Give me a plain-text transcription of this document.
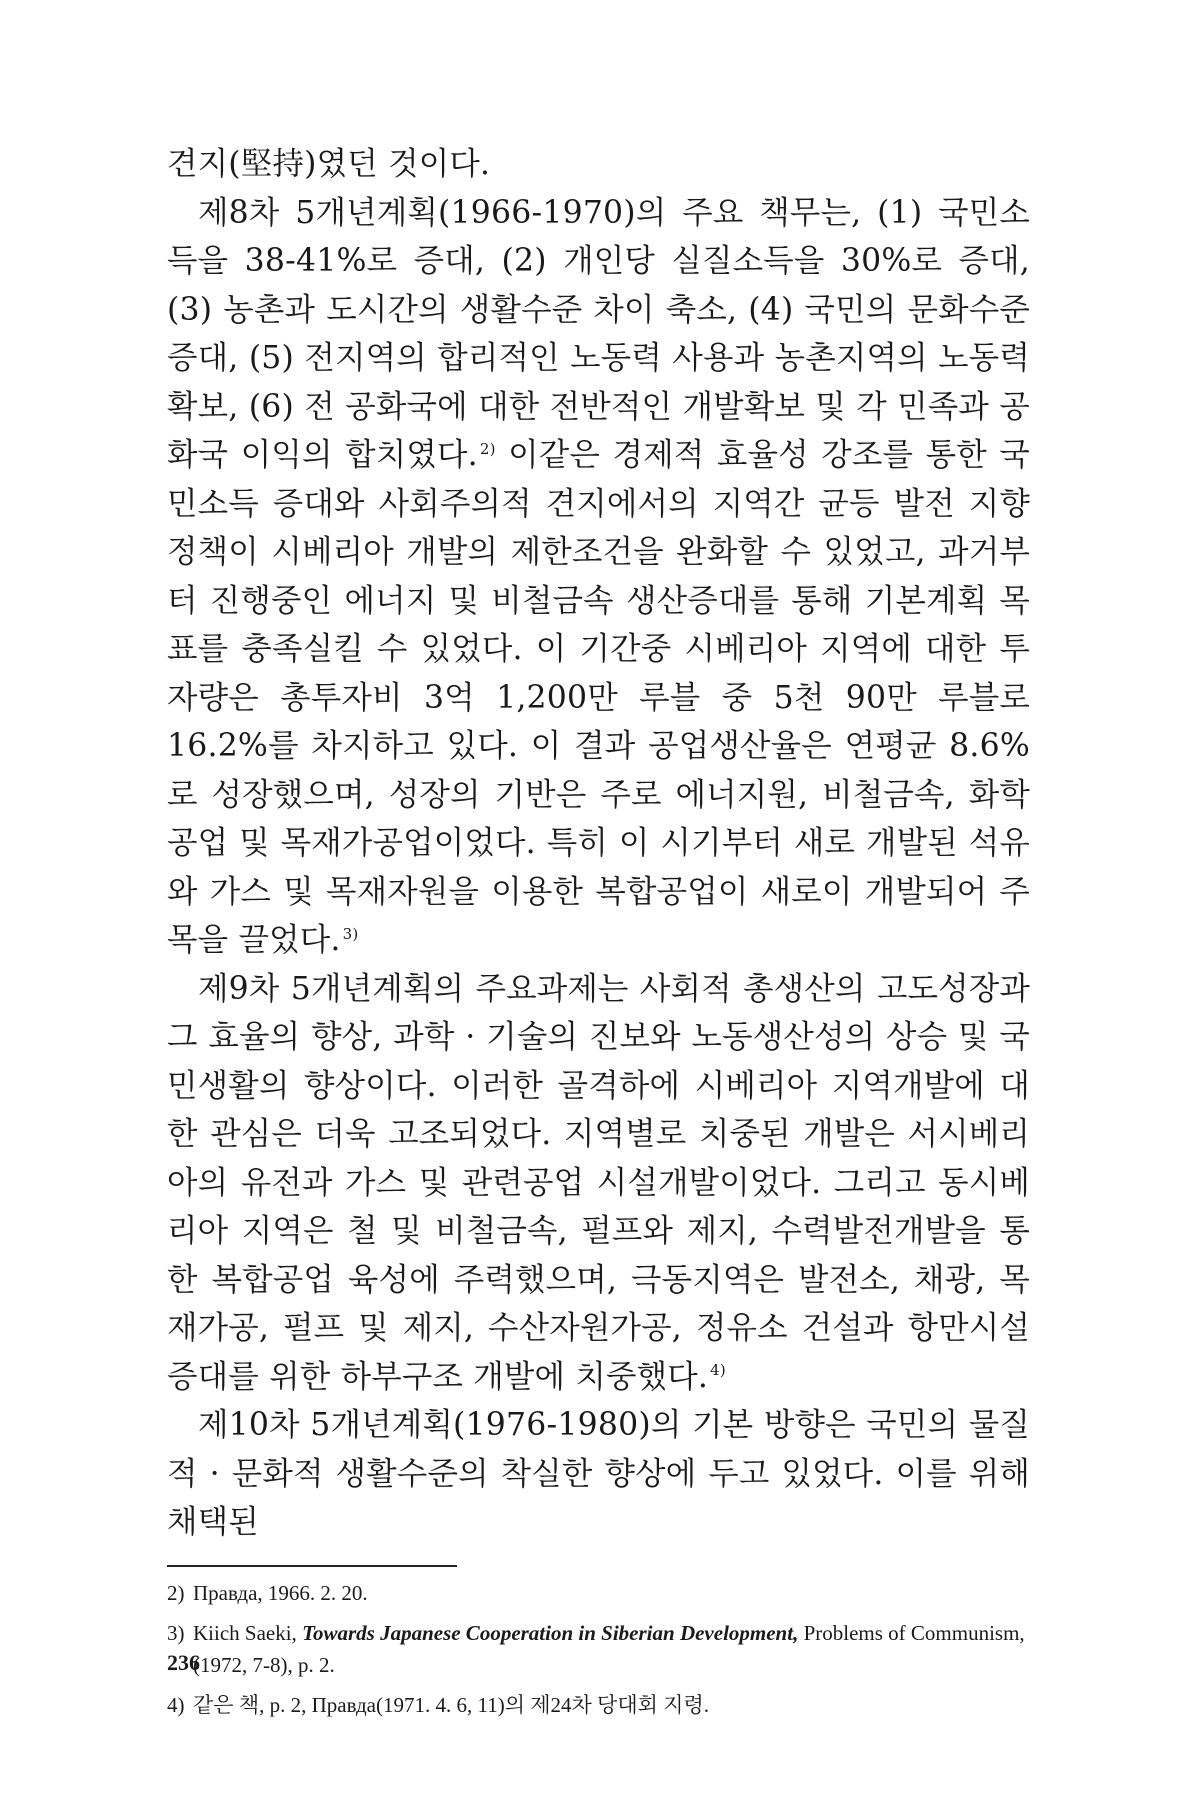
견지(堅持)였던 것이다.

제8차 5개년계획(1966-1970)의 주요 책무는, (1) 국민소득을 38-41%로 증대, (2) 개인당 실질소득을 30%로 증대, (3) 농촌과 도시간의 생활수준 차이 축소, (4) 국민의 문화수준 증대, (5) 전지역의 합리적인 노동력 사용과 농촌지역의 노동력 확보, (6) 전 공화국에 대한 전반적인 개발확보 및 각 민족과 공화국 이익의 합치였다. $^{2)}$ 이같은 경제적 효율성 강조를 통한 국민소득 증대와 사회주의적 견지에서의 지역간 균등 발전 지향정책이 시베리아 개발의 제한조건을 완화할 수 있었고, 과거부터 진행중인 에너지 및 비철금속 생산증대를 통해 기본계획 목표를 충족실킬 수 있었다. 이 기간중 시베리아 지역에 대한 투자량은 총투자비 3억 1,200만 루블 중 5천 90만 루블로 16.2%를 차지하고 있다. 이 결과 공업생산율은 연평균 8.6%로 성장했으며, 성장의 기반은 주로 에너지원, 비철금속, 화학공업 및 목재가공업이었다. 특히 이 시기부터 새로 개발된 석유와 가스 및 목재자원을 이용한 복합공업이 새로이 개발되어 주목을 끌었다. $^{3)}$

제9차 5개년계획의 주요과제는 사회적 총생산의 고도성장과 그 효율의 향상, 과학 · 기술의 진보와 노동생산성의 상승 및 국민생활의 향상이다. 이러한 골격하에 시베리아 지역개발에 대한 관심은 더욱 고조되었다. 지역별로 치중된 개발은 서시베리아의 유전과 가스 및 관련공업 시설개발이었다. 그리고 동시베리아 지역은 철 및 비철금속, 펄프와 제지, 수력발전개발을 통한 복합공업 육성에 주력했으며, 극동지역은 발전소, 채광, 목재가공, 펄프 및 제지, 수산자원가공, 정유소 건설과 항만시설 증대를 위한 하부구조 개발에 치중했다. $^{4)}$

제10차 5개년계획(1976-1980)의 기본 방향은 국민의 물질적 · 문화적 생활수준의 착실한 향상에 두고 있었다. 이를 위해 채택된

2) Правда, 1966. 2. 20.
3) Kiich Saeki, Towards Japanese Cooperation in Siberian Development, Problems of Communism, (1972, 7-8), p. 2.
4) 같은 책, p. 2, Правда(1971. 4. 6, 11)의 제24차 당대회 지령.
236
